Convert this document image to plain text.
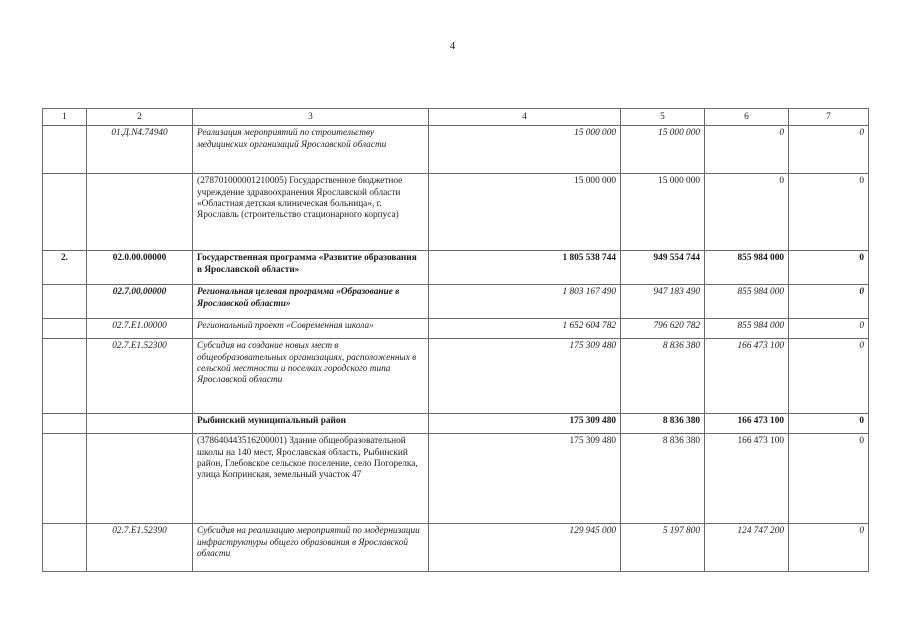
4
1	2	3	4	5	6	7
	01.Д.N4.74940	Реализация мероприятий по строительству медицинских организаций Ярославской области	15 000 000	15 000 000	0	0
		(278701000001210005) Государственное бюджетное учреждение здравоохранения Ярославской области «Областная детская клиническая больница», г. Ярославль (строительство стационарного корпуса)	15 000 000	15 000 000	0	0
2.	02.0.00.00000	Государственная программа «Развитие образования в Ярославской области»	1 805 538 744	949 554 744	855 984 000	0
	02.7.00.00000	Региональная целевая программа «Образование в Ярославской области»	1 803 167 490	947 183 490	855 984 000	0
	02.7.E1.00000	Региональный проект «Современная школа»	1 652 604 782	796 620 782	855 984 000	0
	02.7.E1.52300	Субсидия на создание новых мест в общеобразовательных организациях, расположенных в сельской местности и поселках городского типа Ярославской области	175 309 480	8 836 380	166 473 100	0
		Рыбинский муниципальный район	175 309 480	8 836 380	166 473 100	0
		(378640443516200001) Здание общеобразовательной школы на 140 мест, Ярославская область, Рыбинский район, Глебовское сельское поселение, село Погорелка, улица Копринская, земельный участок 47	175 309 480	8 836 380	166 473 100	0
	02.7.E1.52390	Субсидия на реализацию мероприятий по модернизации инфраструктуры общего образования в Ярославской области	129 945 000	5 197 800	124 747 200	0
